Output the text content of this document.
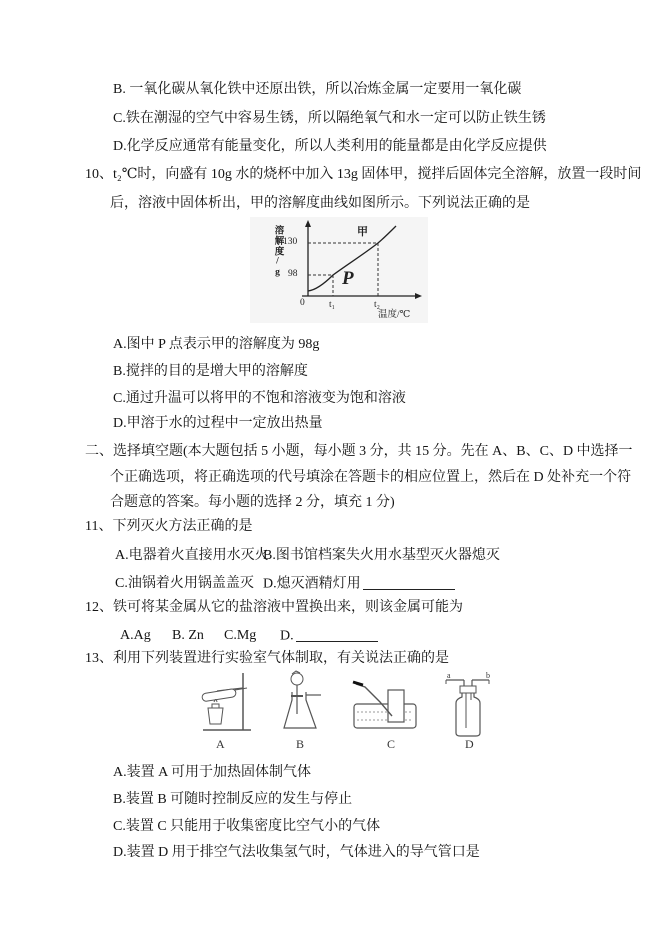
B. 一氧化碳从氧化铁中还原出铁，所以冶炼金属一定要用一氧化碳
C.铁在潮湿的空气中容易生锈，所以隔绝氧气和水一定可以防止铁生锈
D.化学反应通常有能量变化，所以人类利用的能量都是由化学反应提供
10、t₂℃时，向盛有 10g 水的烧杯中加入 13g 固体甲，搅拌后固体完全溶解，放置一段时间
后，溶液中固体析出，甲的溶解度曲线如图所示。下列说法正确的是
溶解度/g 130
98
0	t₁	t₂
温度/℃
甲
P
A.图中 P 点表示甲的溶解度为 98g
B.搅拌的目的是增大甲的溶解度
C.通过升温可以将甲的不饱和溶液变为饱和溶液
D.甲溶于水的过程中一定放出热量
二、选择填空题(本大题包括 5 小题，每小题 3 分，共 15 分。先在 A、B、C、D 中选择一
个正确选项，将正确选项的代号填涂在答题卡的相应位置上，然后在 D 处补充一个符
合题意的答案。每小题的选择 2 分，填充 1 分)
11、下列灭火方法正确的是
A.电器着火直接用水灭火
B.图书馆档案失火用水基型灭火器熄灭
C.油锅着火用锅盖盖灭 D.熄灭酒精灯用
12、铁可将某金属从它的盐溶液中置换出来，则该金属可能为
A.Ag B. Zn C.Mg D.
13、利用下列装置进行实验室气体制取，有关说法正确的是
a	b
A	B	C	D
A.装置 A 可用于加热固体制气体
B.装置 B 可随时控制反应的发生与停止
C.装置 C 只能用于收集密度比空气小的气体
D.装置 D 用于排空气法收集氢气时，气体进入的导气管口是
